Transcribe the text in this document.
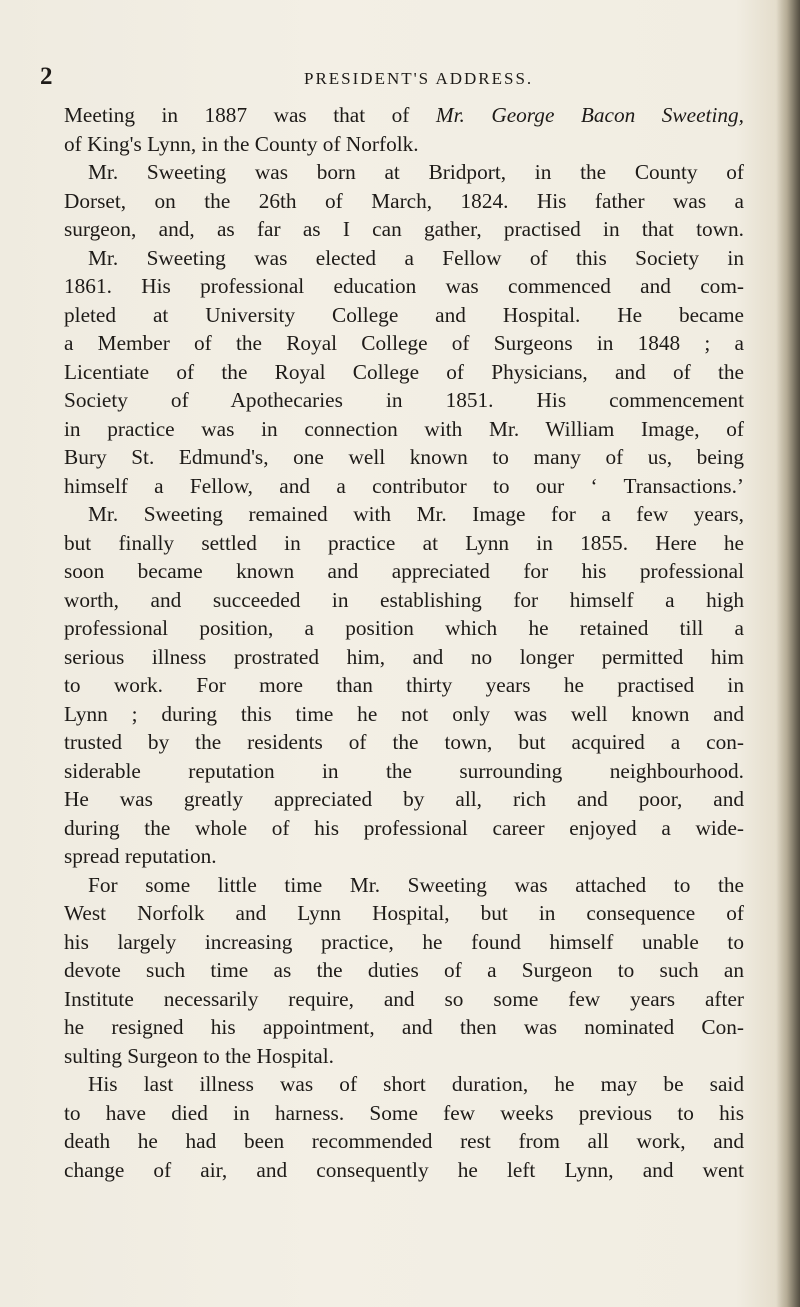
2	PRESIDENT'S ADDRESS.
Meeting in 1887 was that of Mr. George Bacon Sweeting,
of King's Lynn, in the County of Norfolk.
Mr. Sweeting was born at Bridport, in the County of
Dorset, on the 26th of March, 1824. His father was a
surgeon, and, as far as I can gather, practised in that town.
Mr. Sweeting was elected a Fellow of this Society in
1861. His professional education was commenced and com-
pleted at University College and Hospital. He became
a Member of the Royal College of Surgeons in 1848 ; a
Licentiate of the Royal College of Physicians, and of the
Society of Apothecaries in 1851. His commencement
in practice was in connection with Mr. William Image, of
Bury St. Edmund's, one well known to many of us, being
himself a Fellow, and a contributor to our ‘ Transactions.’
Mr. Sweeting remained with Mr. Image for a few years,
but finally settled in practice at Lynn in 1855. Here he
soon became known and appreciated for his professional
worth, and succeeded in establishing for himself a high
professional position, a position which he retained till a
serious illness prostrated him, and no longer permitted him
to work. For more than thirty years he practised in
Lynn ; during this time he not only was well known and
trusted by the residents of the town, but acquired a con-
siderable reputation in the surrounding neighbourhood.
He was greatly appreciated by all, rich and poor, and
during the whole of his professional career enjoyed a wide-
spread reputation.
For some little time Mr. Sweeting was attached to the
West Norfolk and Lynn Hospital, but in consequence of
his largely increasing practice, he found himself unable to
devote such time as the duties of a Surgeon to such an
Institute necessarily require, and so some few years after
he resigned his appointment, and then was nominated Con-
sulting Surgeon to the Hospital.
His last illness was of short duration, he may be said
to have died in harness. Some few weeks previous to his
death he had been recommended rest from all work, and
change of air, and consequently he left Lynn, and went
